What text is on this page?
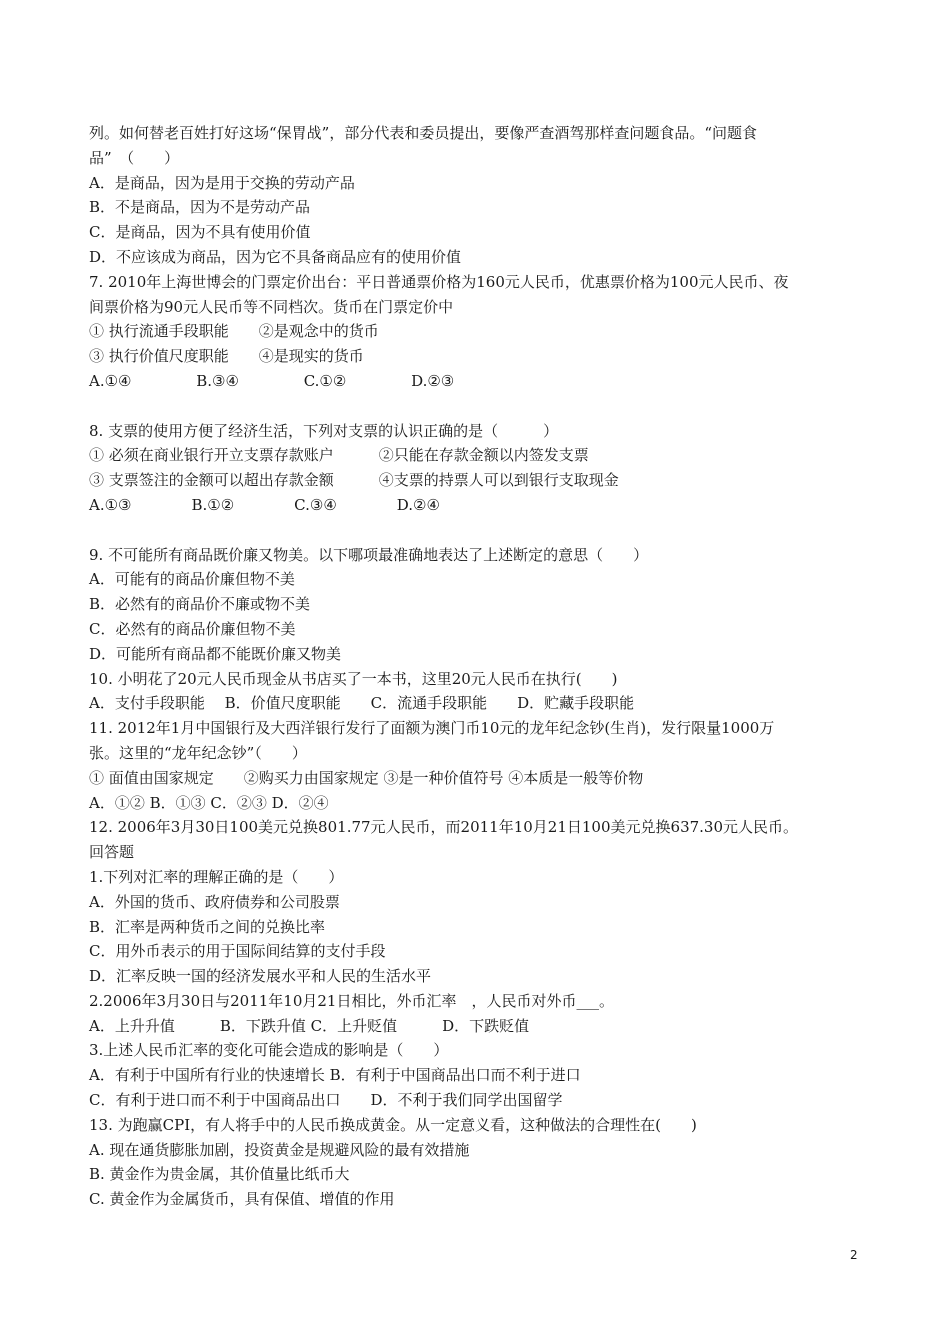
列。如何替老百姓打好这场“保胃战”，部分代表和委员提出，要像严查酒驾那样查问题食品。“问题食
品”　（　　）
A．是商品，因为是用于交换的劳动产品
B．不是商品，因为不是劳动产品
C．是商品，因为不具有使用价值
D．不应该成为商品，因为它不具备商品应有的使用价值
7. 2010年上海世博会的门票定价出台：平日普通票价格为160元人民币，优惠票价格为100元人民币、夜
间票价格为90元人民币等不同档次。货币在门票定价中
① 执行流通手段职能　　②是观念中的货币
③ 执行价值尺度职能　　④是现实的货币
A.①④　　　　 B.③④　　　　 C.①②　　　　 D.②③
8. 支票的使用方便了经济生活，下列对支票的认识正确的是（　　　）
① 必须在商业银行开立支票存款账户　　　②只能在存款金额以内签发支票
③ 支票签注的金额可以超出存款金额　　　④支票的持票人可以到银行支取现金
A.①③　　　　B.①②　　　　C.③④　　　　D.②④
9. 不可能所有商品既价廉又物美。以下哪项最准确地表达了上述断定的意思（　　）
A．可能有的商品价廉但物不美
B．必然有的商品价不廉或物不美
C．必然有的商品价廉但物不美
D．可能所有商品都不能既价廉又物美
10. 小明花了20元人民币现金从书店买了一本书，这里20元人民币在执行(　　)
A．支付手段职能　 B．价值尺度职能　　C．流通手段职能　　D．贮藏手段职能
11. 2012年1月中国银行及大西洋银行发行了面额为澳门币10元的龙年纪念钞(生肖)，发行限量1000万
张。这里的“龙年纪念钞”（　　）
① 面值由国家规定　　②购买力由国家规定 ③是一种价值符号 ④本质是一般等价物
A．①② B．①③ C．②③ D．②④
12. 2006年3月30日100美元兑换801.77元人民币，而2011年10月21日100美元兑换637.30元人民币。
回答题
1.下列对汇率的理解正确的是（　　）
A．外国的货币、政府债券和公司股票
B．汇率是两种货币之间的兑换比率
C．用外币表示的用于国际间结算的支付手段
D．汇率反映一国的经济发展水平和人民的生活水平
2.2006年3月30日与2011年10月21日相比，外币汇率　，人民币对外币___。
A．上升升值　　　B．下跌升值 C．上升贬值　　　D．下跌贬值
3.上述人民币汇率的变化可能会造成的影响是（　　）
A．有利于中国所有行业的快速增长 B．有利于中国商品出口而不利于进口
C．有利于进口而不利于中国商品出口　　D．不利于我们同学出国留学
13. 为跑赢CPI，有人将手中的人民币换成黄金。从一定意义看，这种做法的合理性在(　　)
A. 现在通货膨胀加剧，投资黄金是规避风险的最有效措施
B. 黄金作为贵金属，其价值量比纸币大
C. 黄金作为金属货币，具有保值、增值的作用
2
